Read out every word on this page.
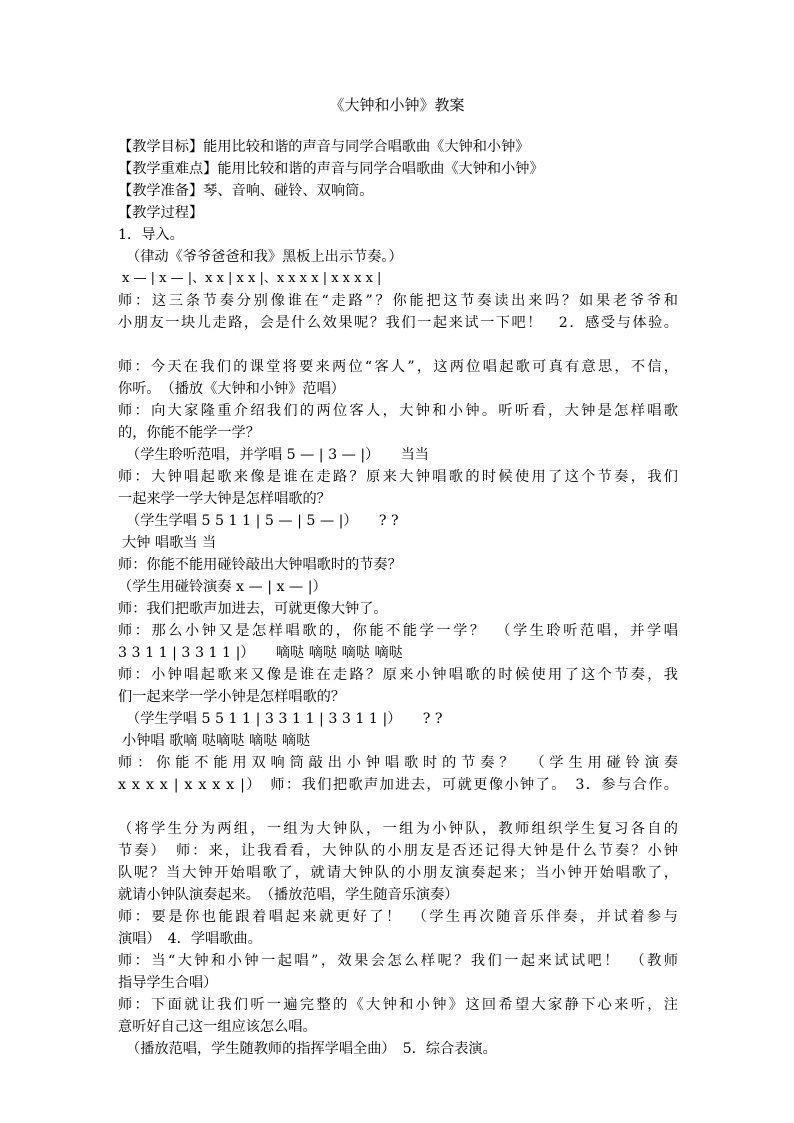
《大钟和小钟》教案
【教学目标】能用比较和谐的声音与同学合唱歌曲《大钟和小钟》
【教学重难点】能用比较和谐的声音与同学合唱歌曲《大钟和小钟》
【教学准备】琴、音响、碰铃、双响筒。
【教学过程】
1．导入。
（律动《爷爷爸爸和我》黑板上出示节奏。）
x — | x — |、x x | x x |、x x x x | x x x x |
师：这三条节奏分别像谁在“走路”？你能把这节奏读出来吗？如果老爷爷和
小朋友一块儿走路，会是什么效果呢？我们一起来试一下吧！　2．感受与体验。
师：今天在我们的课堂将要来两位“客人”，这两位唱起歌可真有意思，不信，
你听。　（播放《大钟和小钟》范唱）
师：向大家隆重介绍我们的两位客人，大钟和小钟。听听看，大钟是怎样唱歌
的，你能不能学一学？
（学生聆听范唱，并学唱 5 — | 3 — |）　　当当
师：大钟唱起歌来像是谁在走路？原来大钟唱歌的时候使用了这个节奏，我们
一起来学一学大钟是怎样唱歌的？
（学生学唱 5 5 1 1 | 5 — | 5 — |）　　? ?
大钟 唱歌当 当
师：你能不能用碰铃敲出大钟唱歌时的节奏？
（学生用碰铃演奏 x — | x — |）
师：我们把歌声加进去，可就更像大钟了。
师：那么小钟又是怎样唱歌的，你能不能学一学？　（学生聆听范唱，并学唱
3 3 1 1 | 3 3 1 1 |）　　嘀哒 嘀哒 嘀哒 嘀哒
师：小钟唱起歌来又像是谁在走路？原来小钟唱歌的时候使用了这个节奏，我
们一起来学一学小钟是怎样唱歌的？
（学生学唱 5 5 1 1 | 3 3 1 1 | 3 3 1 1 |）　　? ?
小钟唱 歌嘀 哒嘀哒 嘀哒 嘀哒
师：你能不能用双响筒敲出小钟唱歌时的节奏？　（学生用碰铃演奏
x x x x | x x x x |）　师：我们把歌声加进去，可就更像小钟了。　3．参与合作。
（将学生分为两组，一组为大钟队，一组为小钟队，教师组织学生复习各自的
节奏）　师：来，让我看看，大钟队的小朋友是否还记得大钟是什么节奏？小钟
队呢？当大钟开始唱歌了，就请大钟队的小朋友演奏起来；当小钟开始唱歌了，
就请小钟队演奏起来。　（播放范唱，学生随音乐演奏）
师：要是你也能跟着唱起来就更好了！　（学生再次随音乐伴奏，并试着参与
演唱）　4．学唱歌曲。
师：当“大钟和小钟一起唱”，效果会怎么样呢？我们一起来试试吧！　（教师
指导学生合唱）
师：下面就让我们听一遍完整的《大钟和小钟》这回希望大家静下心来听，注
意听好自己这一组应该怎么唱。
（播放范唱，学生随教师的指挥学唱全曲）　5．综合表演。
